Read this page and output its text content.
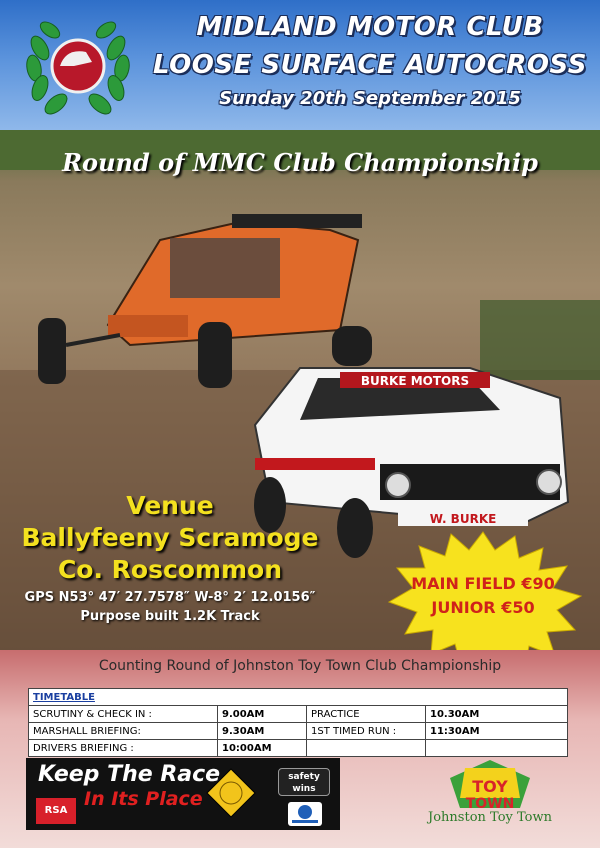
MIDLAND MOTOR CLUB
LOOSE SURFACE AUTOCROSS
Sunday 20th September 2015
BURKE MOTORS
W. BURKE
Round of MMC Club Championship
Venue
Ballyfeeny Scramoge
Co. Roscommon
GPS N53° 47′ 27.7578″ W-8° 2′ 12.0156″
Purpose built 1.2K Track
MAIN FIELD €90
JUNIOR €50
Counting Round of Johnston Toy Town Club Championship
TIMETABLE			
SCRUTINY & CHECK IN :	9.00AM	PRACTICE	10.30AM
MARSHALL BRIEFING:	9.30AM	1ST TIMED RUN :	11:30AM
DRIVERS BRIEFING :	10:00AM		
Keep The Race
In Its Place
RSA
safety
wins	TOY
TOWN
Johnston Toy Town
